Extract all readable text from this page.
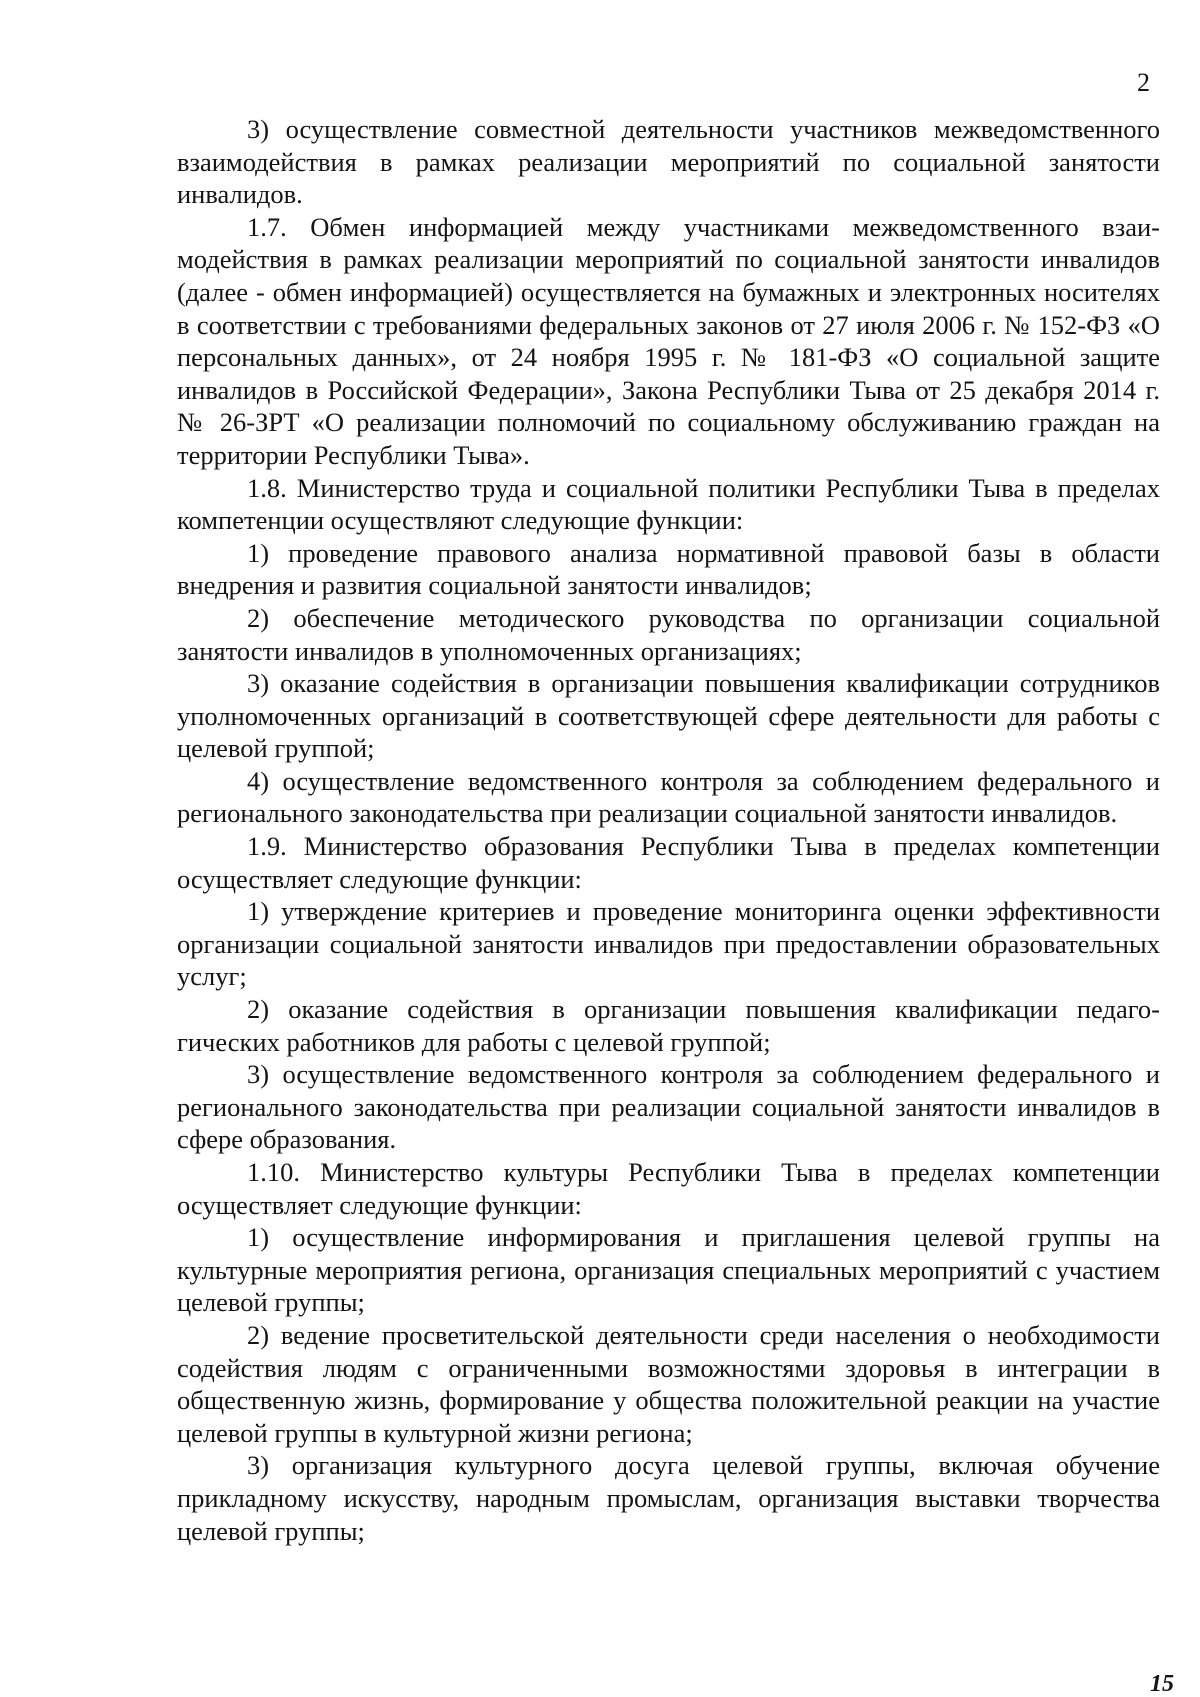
2

3) осуществление совместной деятельности участников межведомственного взаимодействия в рамках реализации мероприятий по социальной занятости инвалидов.

1.7. Обмен информацией между участниками межведомственного взаимодействия в рамках реализации мероприятий по социальной занятости инвалидов (далее - обмен информацией) осуществляется на бумажных и электронных носителях в соответствии с требованиями федеральных законов от 27 июля 2006 г. № 152-ФЗ «О персональных данных», от 24 ноября 1995 г. № 181-ФЗ «О социальной защите инвалидов в Российской Федерации», Закона Республики Тыва от 25 декабря 2014 г. № 26-ЗРТ «О реализации полномочий по социальному обслуживанию граждан на территории Республики Тыва».

1.8. Министерство труда и социальной политики Республики Тыва в пределах компетенции осуществляют следующие функции:

1) проведение правового анализа нормативной правовой базы в области внедрения и развития социальной занятости инвалидов;

2) обеспечение методического руководства по организации социальной занятости инвалидов в уполномоченных организациях;

3) оказание содействия в организации повышения квалификации сотрудников уполномоченных организаций в соответствующей сфере деятельности для работы с целевой группой;

4) осуществление ведомственного контроля за соблюдением федерального и регионального законодательства при реализации социальной занятости инвалидов.

1.9. Министерство образования Республики Тыва в пределах компетенции осуществляет следующие функции:

1) утверждение критериев и проведение мониторинга оценки эффективности организации социальной занятости инвалидов при предоставлении образовательных услуг;

2) оказание содействия в организации повышения квалификации педагогических работников для работы с целевой группой;

3) осуществление ведомственного контроля за соблюдением федерального и регионального законодательства при реализации социальной занятости инвалидов в сфере образования.

1.10. Министерство культуры Республики Тыва в пределах компетенции осуществляет следующие функции:

1) осуществление информирования и приглашения целевой группы на культурные мероприятия региона, организация специальных мероприятий с участием целевой группы;

2) ведение просветительской деятельности среди населения о необходимости содействия людям с ограниченными возможностями здоровья в интеграции в общественную жизнь, формирование у общества положительной реакции на участие целевой группы в культурной жизни региона;

3) организация культурного досуга целевой группы, включая обучение прикладному искусству, народным промыслам, организация выставки творчества целевой группы;

15
